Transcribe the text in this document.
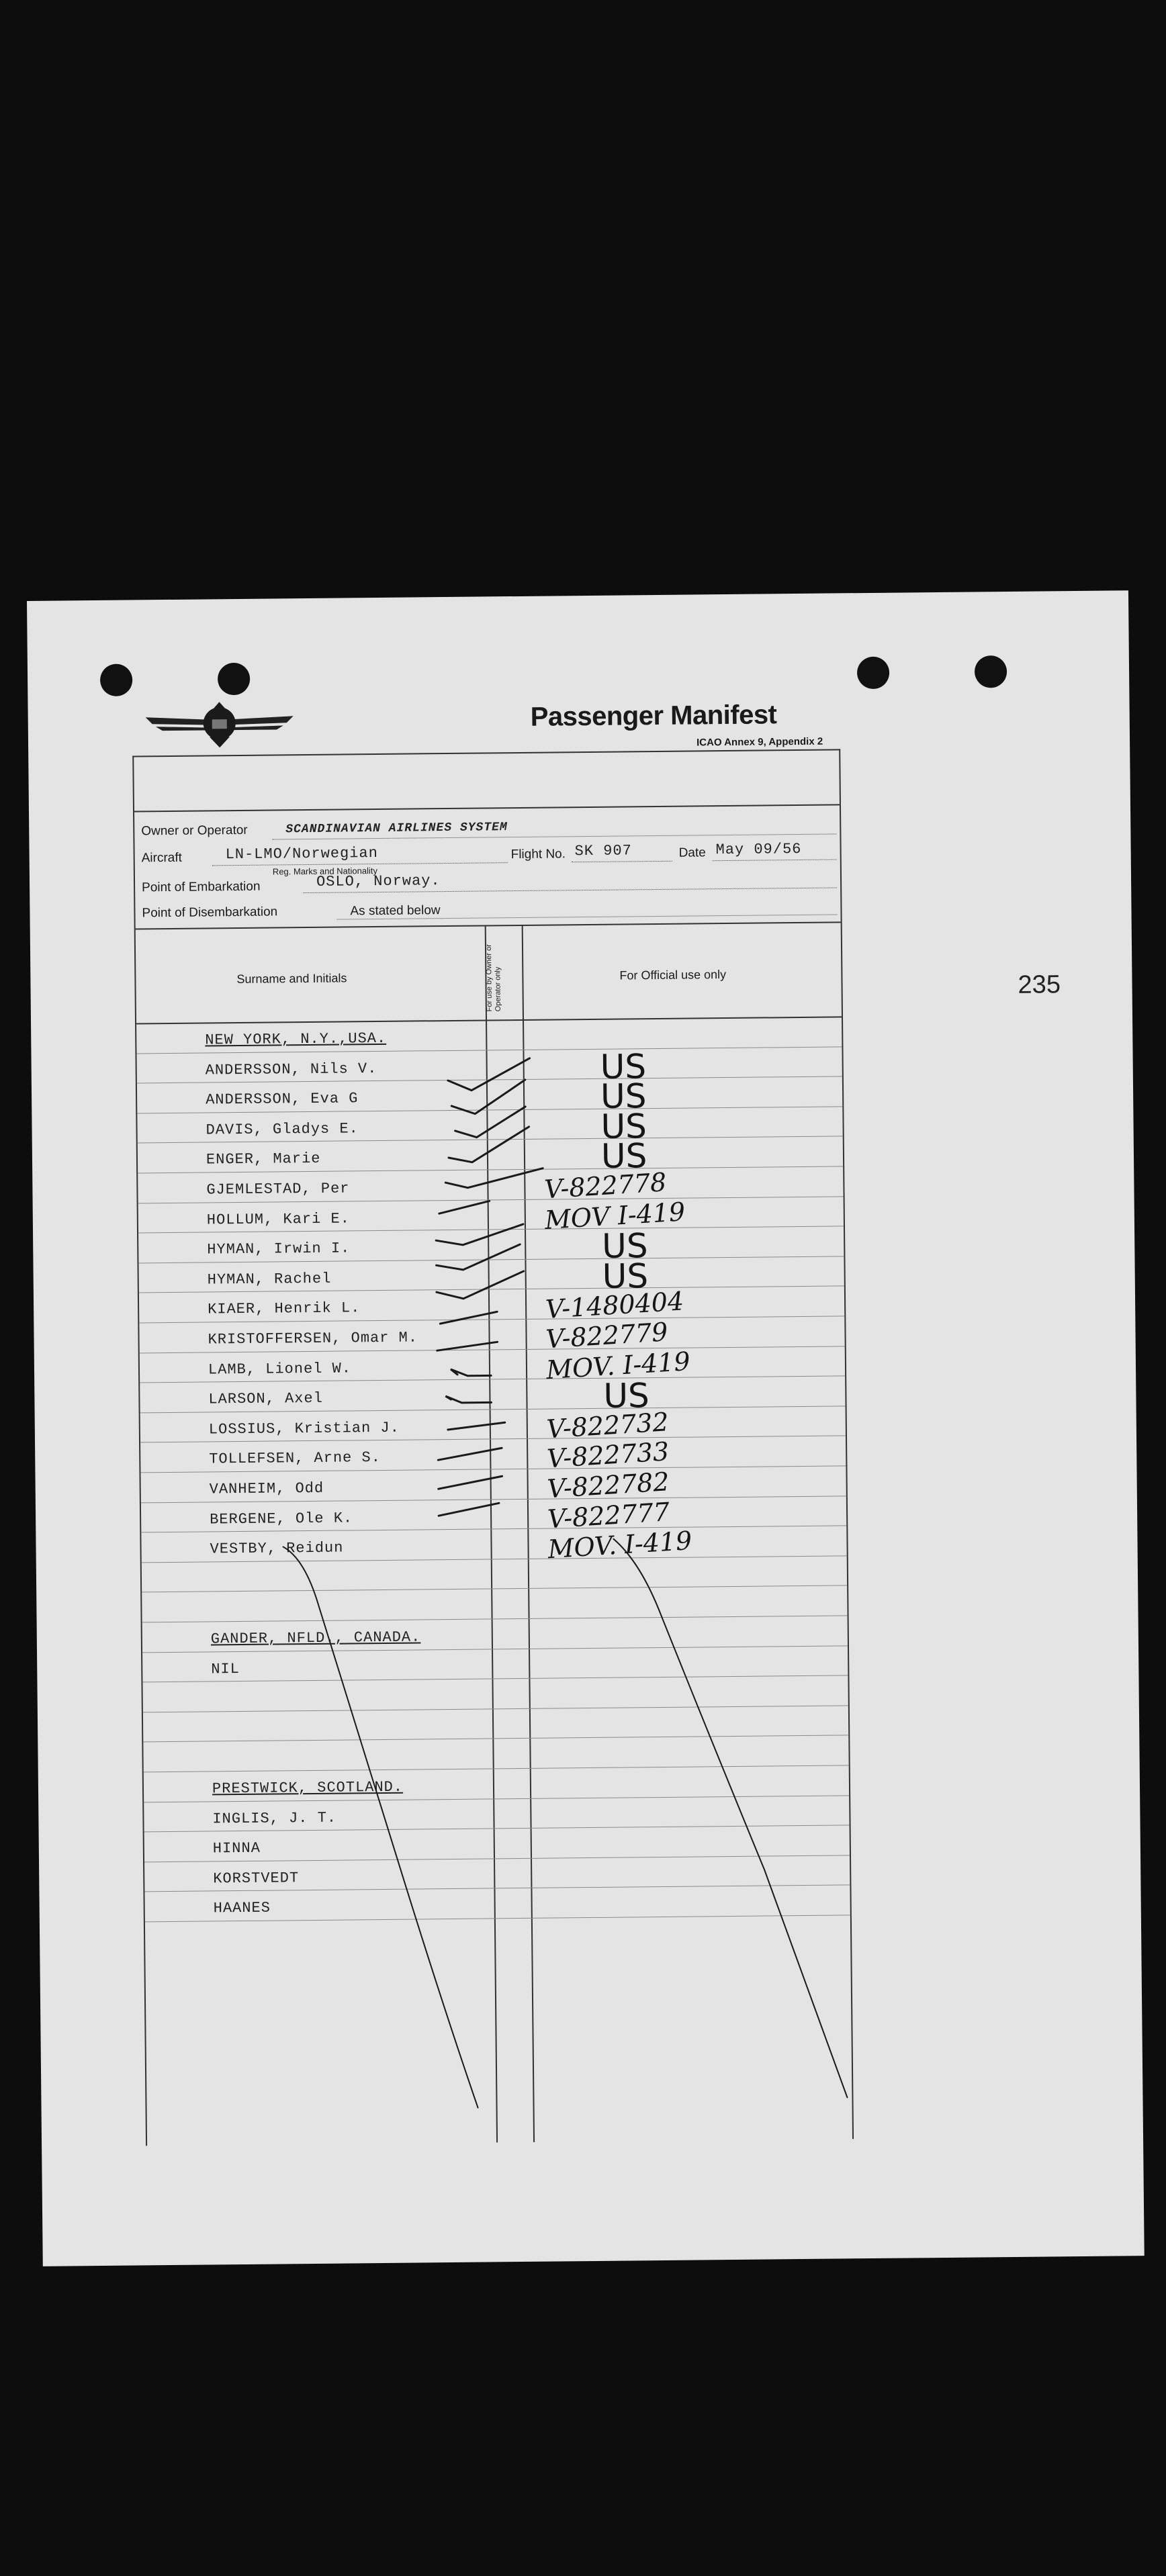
Passenger Manifest
ICAO Annex 9, Appendix 2
235
Owner or Operator	SCANDINAVIAN AIRLINES SYSTEM
Aircraft	LN-LMO/Norwegian
Reg. Marks and Nationality
Flight No. SK 907	Date May 09/56
Point of Embarkation	OSLO, Norway.
Point of Disembarkation	As stated below
Surname and Initials	For use by Owner or Operator only	For Official use only
NEW YORK, N.Y.,USA.
ANDERSSON, Nils V.	US
ANDERSSON, Eva G	US
DAVIS, Gladys E.	US
ENGER, Marie	US
GJEMLESTAD, Per	V-822778
HOLLUM, Kari E.	MOV I-419
HYMAN, Irwin I.	US
HYMAN, Rachel	US
KIAER, Henrik L.	V-1480404
KRISTOFFERSEN, Omar M.	V-822779
LAMB, Lionel W.	MOV. I-419
LARSON, Axel	US
LOSSIUS, Kristian J.	V-822732
TOLLEFSEN, Arne S.	V-822733
VANHEIM, Odd	V-822782
BERGENE, Ole K.	V-822777
VESTBY, Reidun	MOV. I-419
GANDER, NFLD., CANADA.
NIL
PRESTWICK, SCOTLAND.
INGLIS, J. T.
HINNA
KORSTVEDT
HAANES
